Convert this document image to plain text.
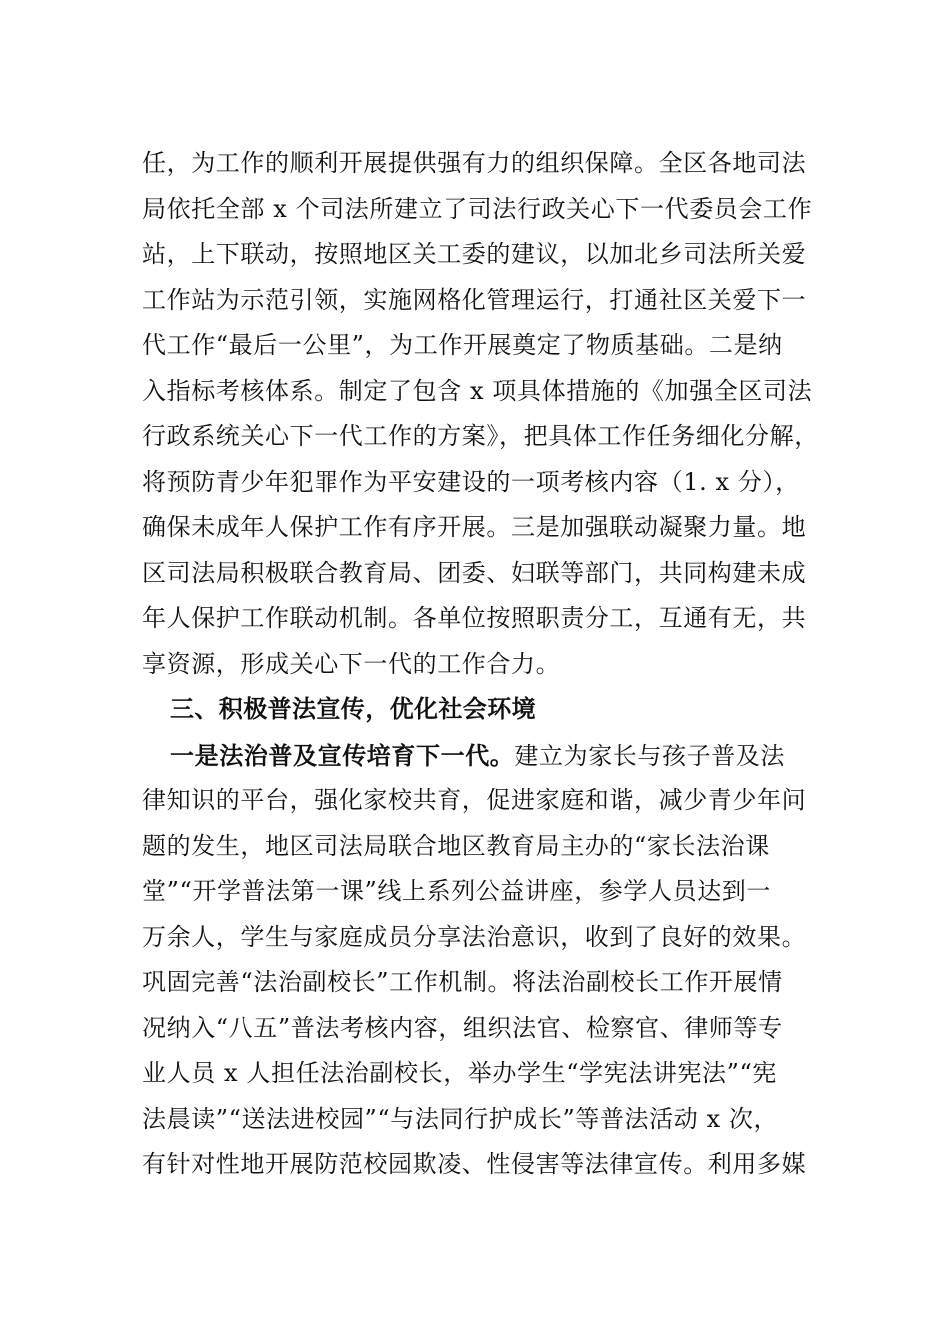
任，为工作的顺利开展提供强有力的组织保障。全区各地司法
局依托全部 x 个司法所建立了司法行政关心下一代委员会工作
站，上下联动，按照地区关工委的建议，以加北乡司法所关爱
工作站为示范引领，实施网格化管理运行，打通社区关爱下一
代工作“最后一公里”，为工作开展奠定了物质基础。二是纳
入指标考核体系。制定了包含 x 项具体措施的《加强全区司法
行政系统关心下一代工作的方案》，把具体工作任务细化分解，
将预防青少年犯罪作为平安建设的一项考核内容（1. x 分），
确保未成年人保护工作有序开展。三是加强联动凝聚力量。地
区司法局积极联合教育局、团委、妇联等部门，共同构建未成
年人保护工作联动机制。各单位按照职责分工，互通有无，共
享资源，形成关心下一代的工作合力。
三、积极普法宣传，优化社会环境
一是法治普及宣传培育下一代。建立为家长与孩子普及法
律知识的平台，强化家校共育，促进家庭和谐，减少青少年问
题的发生，地区司法局联合地区教育局主办的“家长法治课
堂”“开学普法第一课”线上系列公益讲座，参学人员达到一
万余人，学生与家庭成员分享法治意识，收到了良好的效果。
巩固完善“法治副校长”工作机制。将法治副校长工作开展情
况纳入“八五”普法考核内容，组织法官、检察官、律师等专
业人员 x 人担任法治副校长，举办学生“学宪法讲宪法”“宪
法晨读”“送法进校园”“与法同行护成长”等普法活动 x 次，
有针对性地开展防范校园欺凌、性侵害等法律宣传。利用多媒
